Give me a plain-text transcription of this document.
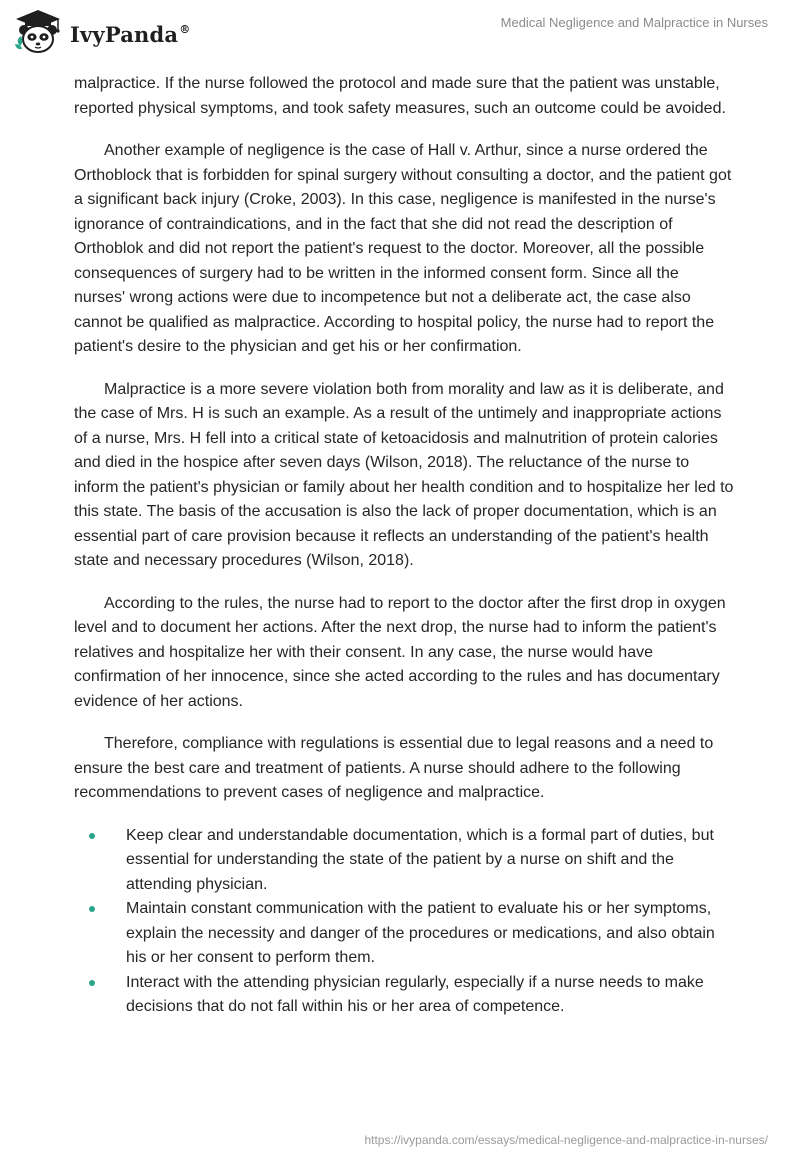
IvyPanda®	Medical Negligence and Malpractice in Nurses

malpractice. If the nurse followed the protocol and made sure that the patient was unstable, reported physical symptoms, and took safety measures, such an outcome could be avoided.

Another example of negligence is the case of Hall v. Arthur, since a nurse ordered the Orthoblock that is forbidden for spinal surgery without consulting a doctor, and the patient got a significant back injury (Croke, 2003). In this case, negligence is manifested in the nurse's ignorance of contraindications, and in the fact that she did not read the description of Orthoblok and did not report the patient's request to the doctor. Moreover, all the possible consequences of surgery had to be written in the informed consent form. Since all the nurses' wrong actions were due to incompetence but not a deliberate act, the case also cannot be qualified as malpractice. According to hospital policy, the nurse had to report the patient's desire to the physician and get his or her confirmation.

Malpractice is a more severe violation both from morality and law as it is deliberate, and the case of Mrs. H is such an example. As a result of the untimely and inappropriate actions of a nurse, Mrs. H fell into a critical state of ketoacidosis and malnutrition of protein calories and died in the hospice after seven days (Wilson, 2018). The reluctance of the nurse to inform the patient's physician or family about her health condition and to hospitalize her led to this state. The basis of the accusation is also the lack of proper documentation, which is an essential part of care provision because it reflects an understanding of the patient's health state and necessary procedures (Wilson, 2018).

According to the rules, the nurse had to report to the doctor after the first drop in oxygen level and to document her actions. After the next drop, the nurse had to inform the patient's relatives and hospitalize her with their consent. In any case, the nurse would have confirmation of her innocence, since she acted according to the rules and has documentary evidence of her actions.

Therefore, compliance with regulations is essential due to legal reasons and a need to ensure the best care and treatment of patients. A nurse should adhere to the following recommendations to prevent cases of negligence and malpractice.

Keep clear and understandable documentation, which is a formal part of duties, but essential for understanding the state of the patient by a nurse on shift and the attending physician.
Maintain constant communication with the patient to evaluate his or her symptoms, explain the necessity and danger of the procedures or medications, and also obtain his or her consent to perform them.
Interact with the attending physician regularly, especially if a nurse needs to make decisions that do not fall within his or her area of competence.
https://ivypanda.com/essays/medical-negligence-and-malpractice-in-nurses/
